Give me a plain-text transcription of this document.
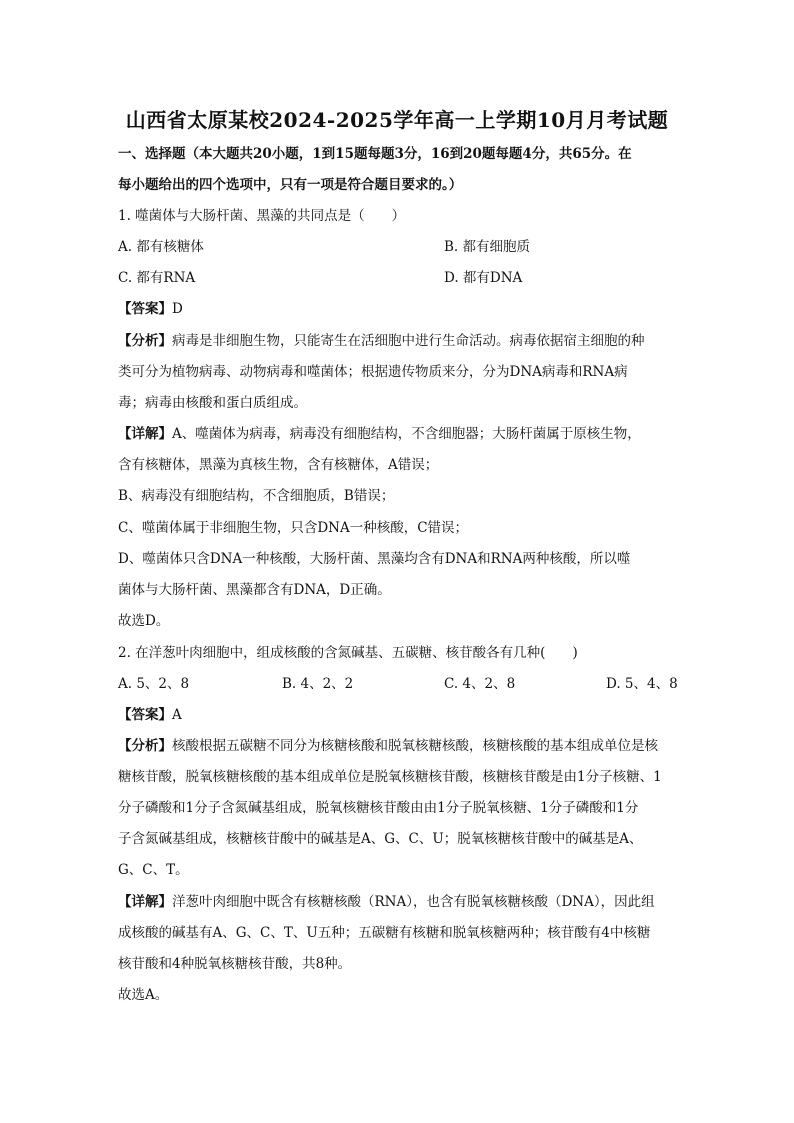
山西省太原某校2024-2025学年高一上学期10月月考试题
一、选择题（本大题共20小题，1到15题每题3分，16到20题每题4分，共65分。在
每小题给出的四个选项中，只有一项是符合题目要求的。）
1. 噬菌体与大肠杆菌、黑藻的共同点是（　　）
A. 都有核糖体	B. 都有细胞质
C. 都有RNA	D. 都有DNA
【答案】D
【分析】病毒是非细胞生物，只能寄生在活细胞中进行生命活动。病毒依据宿主细胞的种
类可分为植物病毒、动物病毒和噬菌体；根据遗传物质来分，分为DNA病毒和RNA病
毒；病毒由核酸和蛋白质组成。
【详解】A、噬菌体为病毒，病毒没有细胞结构，不含细胞器；大肠杆菌属于原核生物，
含有核糖体，黑藻为真核生物，含有核糖体，A错误；
B、病毒没有细胞结构，不含细胞质，B错误；
C、噬菌体属于非细胞生物，只含DNA一种核酸，C错误；
D、噬菌体只含DNA一种核酸，大肠杆菌、黑藻均含有DNA和RNA两种核酸，所以噬
菌体与大肠杆菌、黑藻都含有DNA，D正确。
故选D。
2. 在洋葱叶肉细胞中，组成核酸的含氮碱基、五碳糖、核苷酸各有几种(　　)
A. 5、2、8	B. 4、2、2	C. 4、2、8	D. 5、4、8
【答案】A
【分析】核酸根据五碳糖不同分为核糖核酸和脱氧核糖核酸，核糖核酸的基本组成单位是核
糖核苷酸，脱氧核糖核酸的基本组成单位是脱氧核糖核苷酸，核糖核苷酸是由1分子核糖、1
分子磷酸和1分子含氮碱基组成，脱氧核糖核苷酸由由1分子脱氧核糖、1分子磷酸和1分
子含氮碱基组成，核糖核苷酸中的碱基是A、G、C、U；脱氧核糖核苷酸中的碱基是A、
G、C、T。
【详解】洋葱叶肉细胞中既含有核糖核酸（RNA），也含有脱氧核糖核酸（DNA），因此组
成核酸的碱基有A、G、C、T、U五种；五碳糖有核糖和脱氧核糖两种；核苷酸有4中核糖
核苷酸和4种脱氧核糖核苷酸，共8种。
故选A。
